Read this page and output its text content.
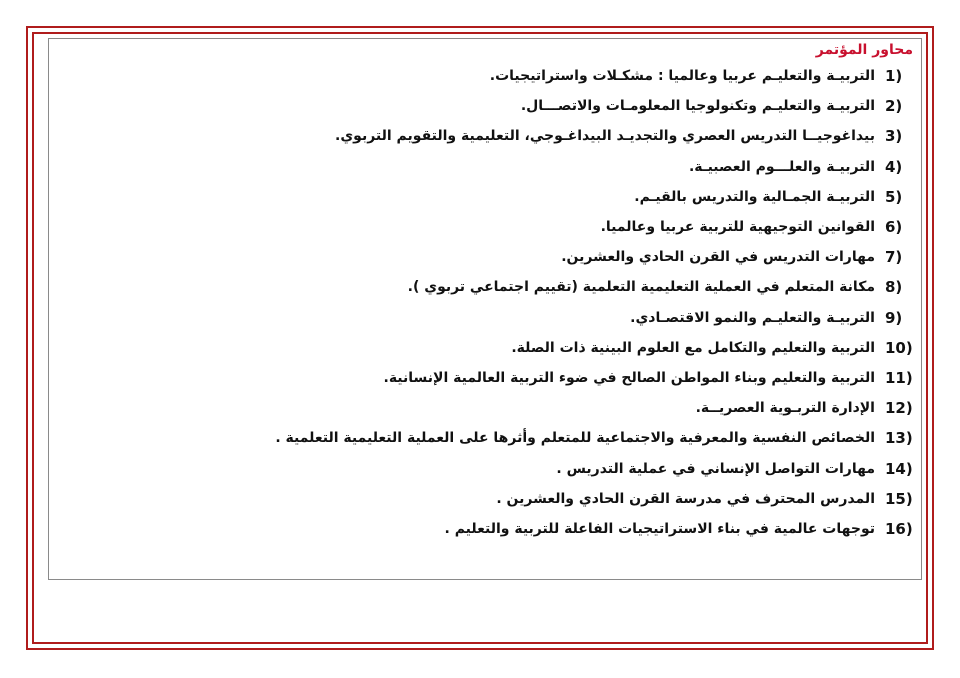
محاور المؤتمر
1)
التربيـة والتعليـم عربيا وعالميا : مشكـلات واستراتيجيات.
2)
التربيـة والتعليـم وتكنولوجيا المعلومـات والاتصـــال.
3)
بيداغوجيــا التدريس العصري والتجديـد البيداغـوجي، التعليمية والتقويم التربوي.
4)
التربيـة والعلـــوم العصبيـة.
5)
التربيـة الجمـالية والتدريس بالقيـم.
6)
القوانين التوجيهية للتربية عربيا وعالميا.
7)
مهارات التدريس في القرن الحادي والعشرين.
8)
مكانة المتعلم في العملية التعليمية التعلمية (تقييم اجتماعي تربوي ).
9)
التربيـة والتعليـم والنمو الاقتصـادي.
10)
التربية والتعليم والتكامل مع العلوم البينية ذات الصلة.
11)
التربية والتعليم وبناء المواطن الصالح في ضوء التربية العالمية الإنسانية.
12)
الإدارة التربـوية العصريــة.
13)
الخصائص النفسية والمعرفية والاجتماعية للمتعلم وأثرها على العملية التعليمية التعلمية .
14)
مهارات التواصل الإنساني في عملية التدريس .
15)
المدرس المحترف في مدرسة القرن الحادي والعشرين .
16)
توجهات عالمية في بناء الاستراتيجيات الفاعلة للتربية والتعليم .
